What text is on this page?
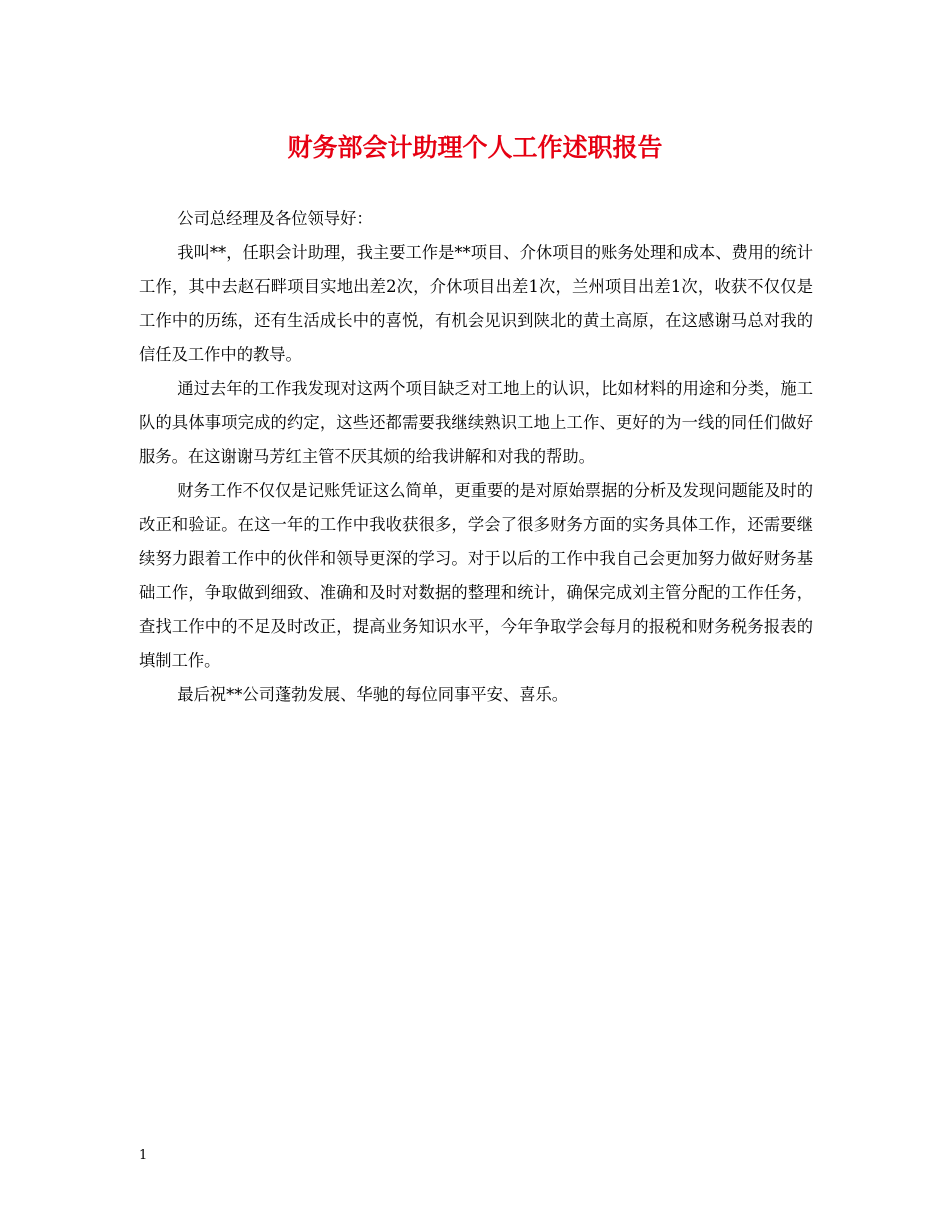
财务部会计助理个人工作述职报告

公司总经理及各位领导好：

我叫**，任职会计助理，我主要工作是**项目、介休项目的账务处理和成本、费用的统计工作，其中去赵石畔项目实地出差2次，介休项目出差1次，兰州项目出差1次，收获不仅仅是工作中的历练，还有生活成长中的喜悦，有机会见识到陕北的黄土高原，在这感谢马总对我的信任及工作中的教导。

通过去年的工作我发现对这两个项目缺乏对工地上的认识，比如材料的用途和分类，施工队的具体事项完成的约定，这些还都需要我继续熟识工地上工作、更好的为一线的同任们做好服务。在这谢谢马芳红主管不厌其烦的给我讲解和对我的帮助。

财务工作不仅仅是记账凭证这么简单，更重要的是对原始票据的分析及发现问题能及时的改正和验证。在这一年的工作中我收获很多，学会了很多财务方面的实务具体工作，还需要继续努力跟着工作中的伙伴和领导更深的学习。对于以后的工作中我自己会更加努力做好财务基础工作，争取做到细致、准确和及时对数据的整理和统计，确保完成刘主管分配的工作任务，查找工作中的不足及时改正，提高业务知识水平，今年争取学会每月的报税和财务税务报表的填制工作。

最后祝**公司蓬勃发展、华驰的每位同事平安、喜乐。

1
